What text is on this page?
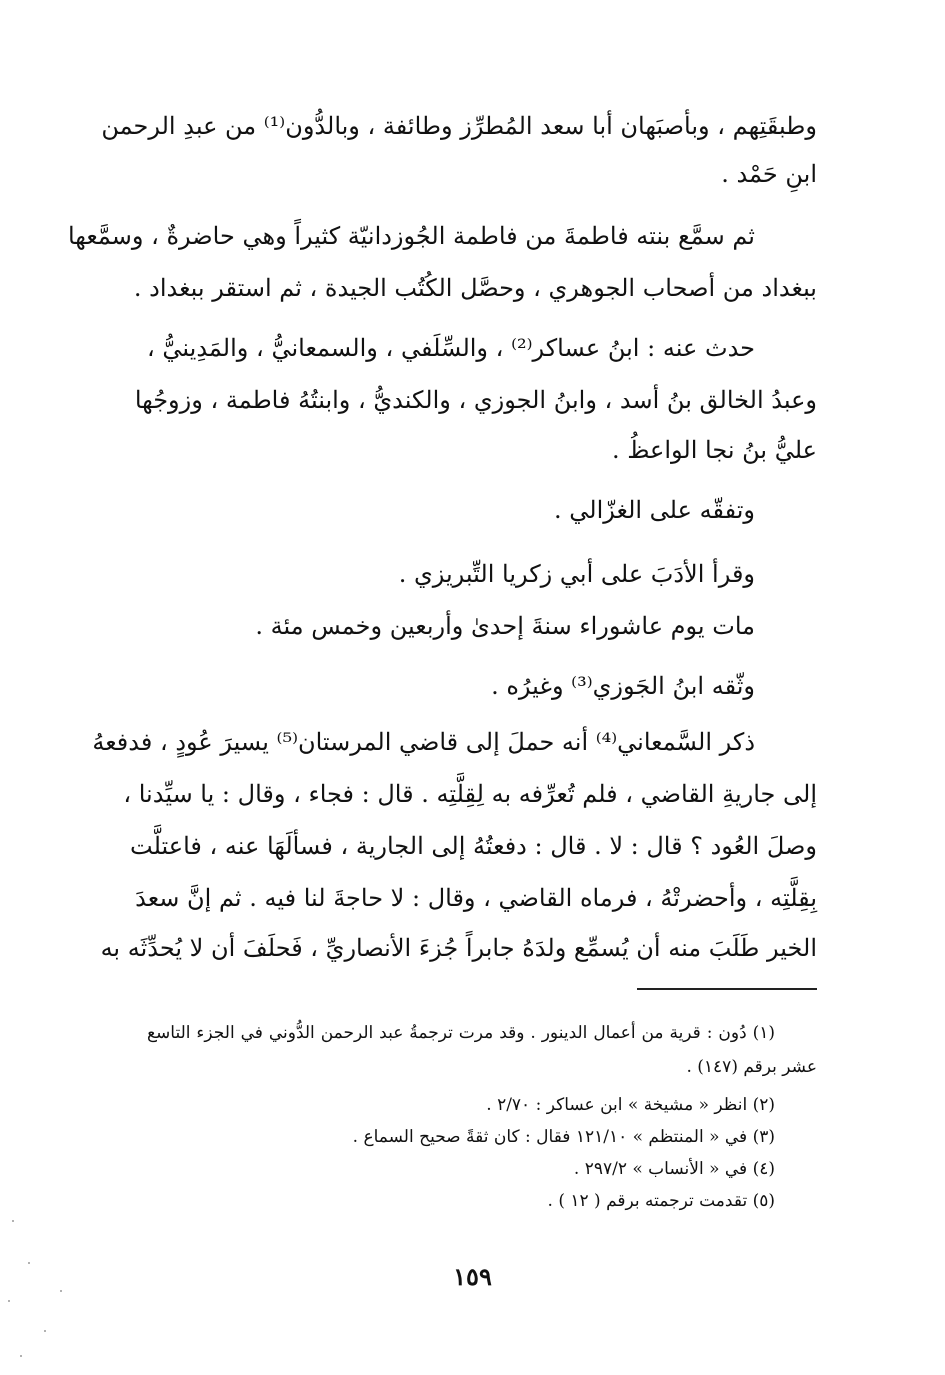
وطبقَتِهم ، وبأصبَهان أبا سعد المُطرِّز وطائفة ، وبالدُّون⁽¹⁾ من عبدِ الرحمن
ابنِ حَمْد .
ثم سمَّع بنته فاطمةَ من فاطمة الجُوزدانيّة كثيراً وهي حاضرةٌ ، وسمَّعها
ببغداد من أصحاب الجوهري ، وحصَّل الكُتُب الجيدة ، ثم استقر ببغداد .
حدث عنه : ابنُ عساكر⁽²⁾ ، والسِّلَفي ، والسمعانيُّ ، والمَدِينيُّ ،
وعبدُ الخالق بنُ أسد ، وابنُ الجوزي ، والكنديُّ ، وابنتُهُ فاطمة ، وزوجُها
عليُّ بنُ نجا الواعظُ .
وتفقّه على الغزّالي .
وقرأ الأدَبَ على أبي زكريا التِّبريزي .
مات يوم عاشوراء سنةَ إحدىٰ وأربعين وخمس مئة .
وثّقه ابنُ الجَوزي⁽³⁾ وغيرُه .
ذكر السَّمعاني⁽⁴⁾ أنه حملَ إلى قاضي المرستان⁽⁵⁾ يسيرَ عُودٍ ، فدفعهُ
إلى جاريةِ القاضي ، فلم تُعرِّفه به لِقِلَّتِه . قال : فجاء ، وقال : يا سيِّدنا ،
وصلَ العُود ؟ قال : لا . قال : دفعتُهُ إلى الجارية ، فسألَهَا عنه ، فاعتلَّت
بِقِلَّتِه ، وأحضرتْهُ ، فرماه القاضي ، وقال : لا حاجةَ لنا فيه . ثم إنَّ سعدَ
الخير طَلَبَ منه أن يُسمِّع ولدَهُ جابراً جُزءَ الأنصاريِّ ، فَحلَفَ أن لا يُحدِّثَه به
(١) دُون : قرية من أعمال الدينور . وقد مرت ترجمةُ عبد الرحمن الدُّوني في الجزء التاسع
عشر برقم (١٤٧) .
(٢) انظر « مشيخة » ابن عساكر : ٢/٧٠ .
(٣) في « المنتظم » ١٢١/١٠ فقال : كان ثقةً صحيح السماع .
(٤) في « الأنساب » ٢٩٧/٢ .
(٥) تقدمت ترجمته برقم ( ١٢ ) .
١٥٩
